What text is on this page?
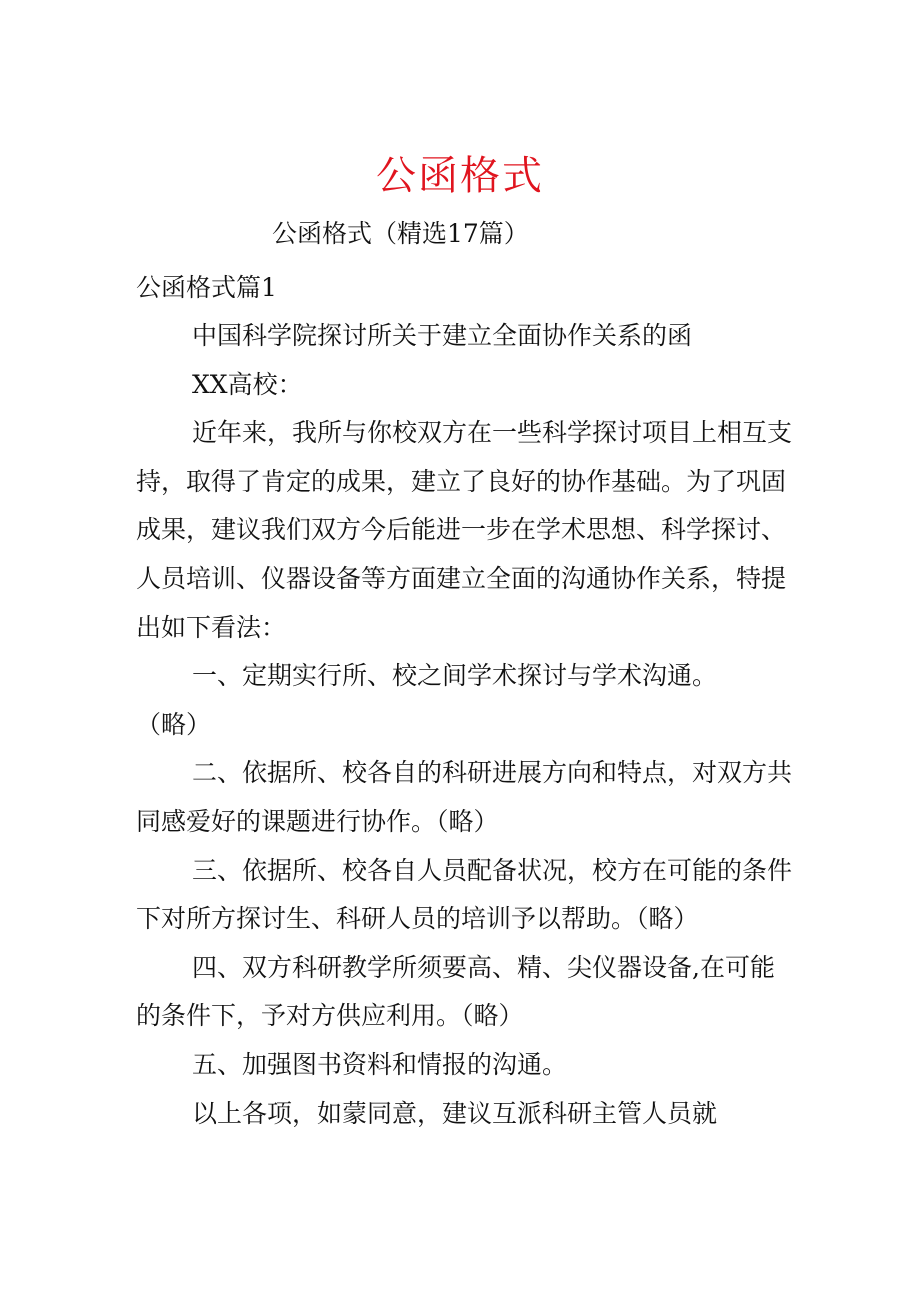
公函格式
公函格式（精选17篇）
公函格式篇1

中国科学院探讨所关于建立全面协作关系的函

XX高校：

近年来，我所与你校双方在一些科学探讨项目上相互支持，取得了肯定的成果，建立了良好的协作基础。为了巩固成果，建议我们双方今后能进一步在学术思想、科学探讨、人员培训、仪器设备等方面建立全面的沟通协作关系，特提出如下看法：

一、定期实行所、校之间学术探讨与学术沟通。

（略）

二、依据所、校各自的科研进展方向和特点，对双方共同感爱好的课题进行协作。（略）

三、依据所、校各自人员配备状况，校方在可能的条件下对所方探讨生、科研人员的培训予以帮助。（略）

四、双方科研教学所须要高、精、尖仪器设备,在可能的条件下，予对方供应利用。（略）

五、加强图书资料和情报的沟通。

以上各项，如蒙同意，建议互派科研主管人员就
